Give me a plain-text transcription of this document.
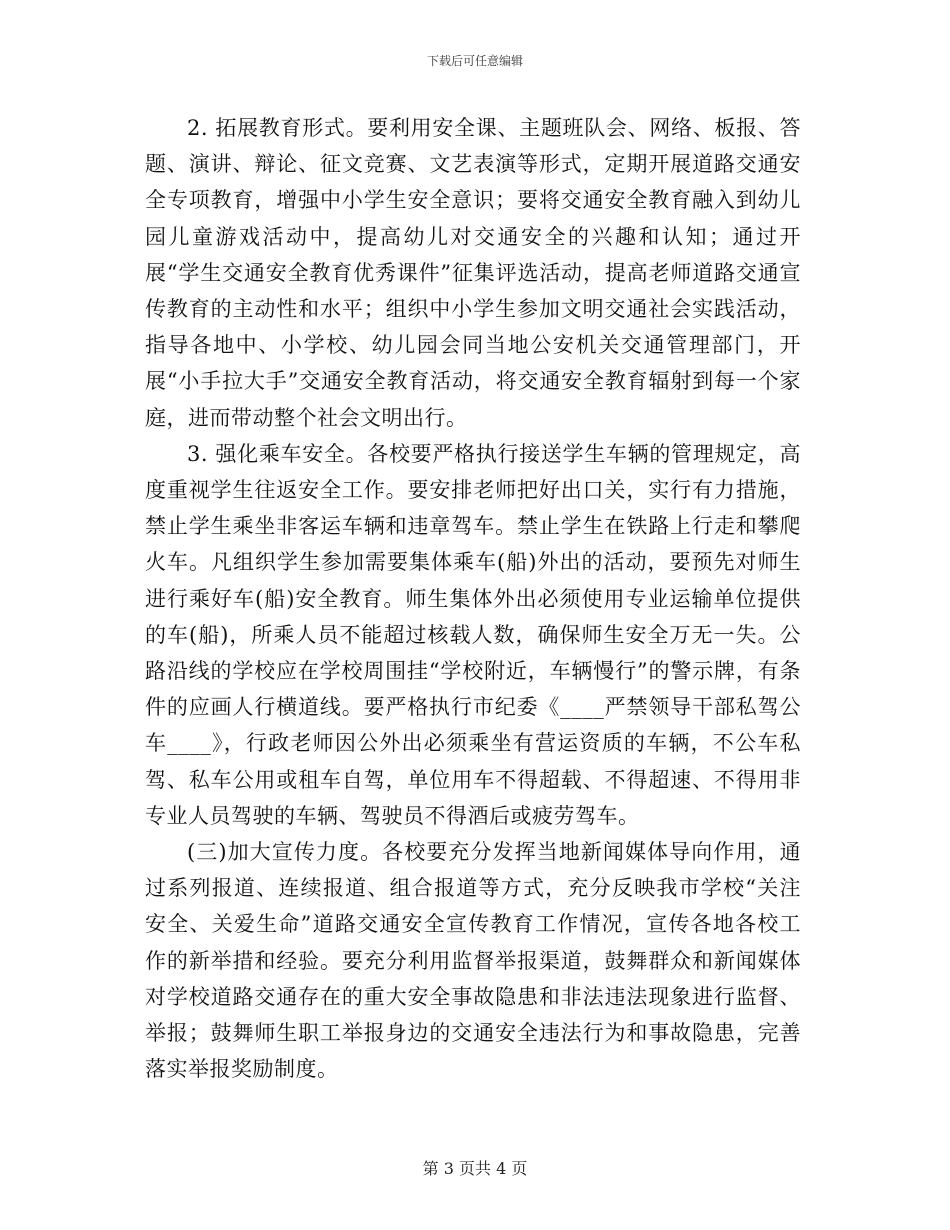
下载后可任意编辑

2. 拓展教育形式。要利用安全课、主题班队会、网络、板报、答题、演讲、辩论、征文竞赛、文艺表演等形式，定期开展道路交通安全专项教育，增强中小学生安全意识；要将交通安全教育融入到幼儿园儿童游戏活动中，提高幼儿对交通安全的兴趣和认知；通过开展“学生交通安全教育优秀课件”征集评选活动，提高老师道路交通宣传教育的主动性和水平；组织中小学生参加文明交通社会实践活动，指导各地中、小学校、幼儿园会同当地公安机关交通管理部门，开展“小手拉大手”交通安全教育活动，将交通安全教育辐射到每一个家庭，进而带动整个社会文明出行。

3. 强化乘车安全。各校要严格执行接送学生车辆的管理规定，高度重视学生往返安全工作。要安排老师把好出口关，实行有力措施，禁止学生乘坐非客运车辆和违章驾车。禁止学生在铁路上行走和攀爬火车。凡组织学生参加需要集体乘车(船)外出的活动，要预先对师生进行乘好车(船)安全教育。师生集体外出必须使用专业运输单位提供的车(船)，所乘人员不能超过核载人数，确保师生安全万无一失。公路沿线的学校应在学校周围挂“学校附近，车辆慢行”的警示牌，有条件的应画人行横道线。要严格执行市纪委《____严禁领导干部私驾公车____》，行政老师因公外出必须乘坐有营运资质的车辆，不公车私驾、私车公用或租车自驾，单位用车不得超载、不得超速、不得用非专业人员驾驶的车辆、驾驶员不得酒后或疲劳驾车。

(三)加大宣传力度。各校要充分发挥当地新闻媒体导向作用，通过系列报道、连续报道、组合报道等方式，充分反映我市学校“关注安全、关爱生命”道路交通安全宣传教育工作情况，宣传各地各校工作的新举措和经验。要充分利用监督举报渠道，鼓舞群众和新闻媒体对学校道路交通存在的重大安全事故隐患和非法违法现象进行监督、举报；鼓舞师生职工举报身边的交通安全违法行为和事故隐患，完善落实举报奖励制度。

第 3 页共 4 页
